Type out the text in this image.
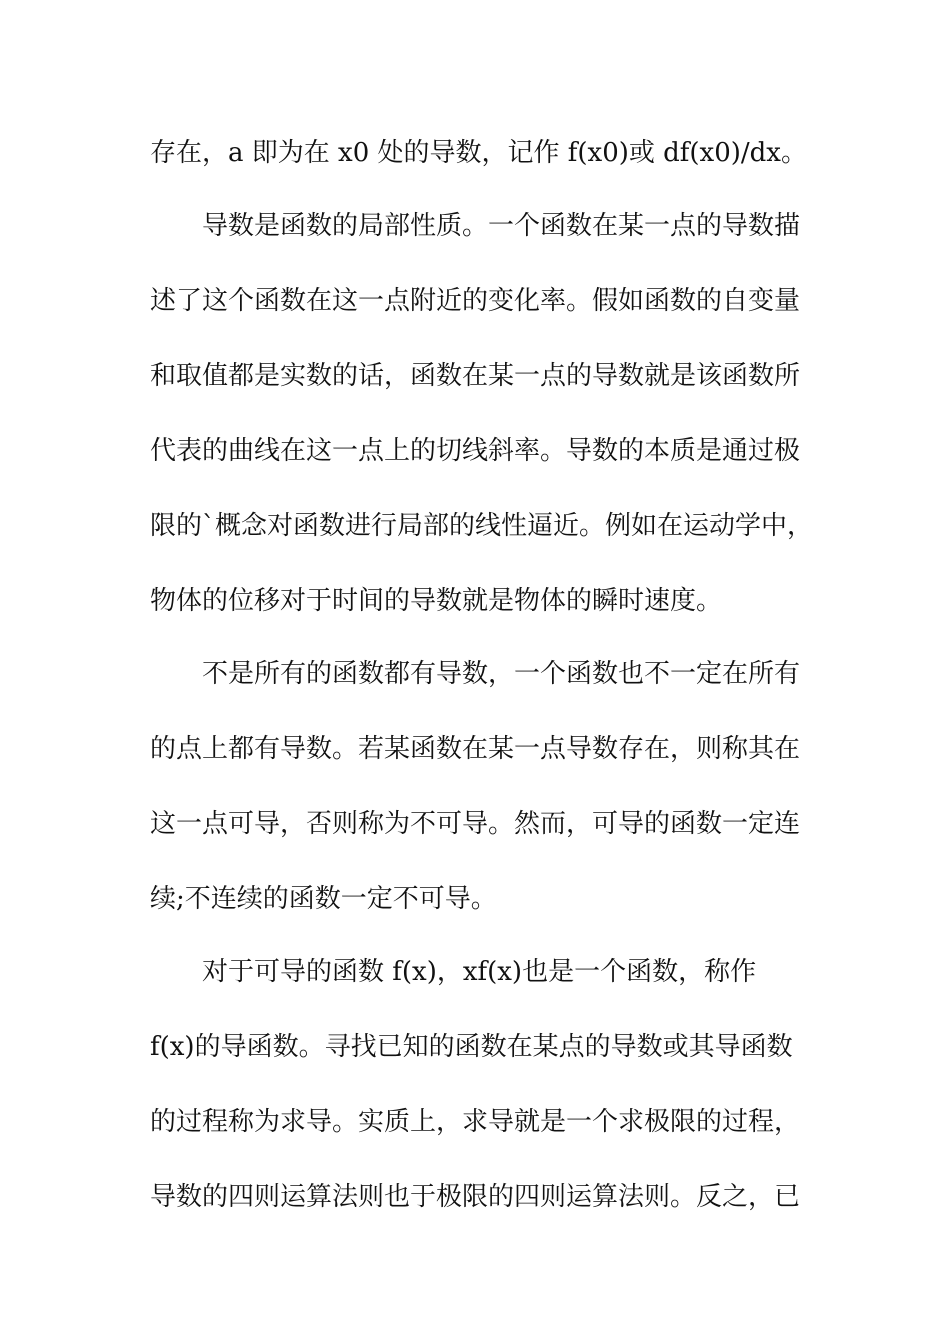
存在，a 即为在 x0 处的导数，记作 f(x0)或 df(x0)/dx。
导数是函数的局部性质。一个函数在某一点的导数描
述了这个函数在这一点附近的变化率。假如函数的自变量
和取值都是实数的话，函数在某一点的导数就是该函数所
代表的曲线在这一点上的切线斜率。导数的本质是通过极
限的`概念对函数进行局部的线性逼近。例如在运动学中，
物体的位移对于时间的导数就是物体的瞬时速度。
不是所有的函数都有导数，一个函数也不一定在所有
的点上都有导数。若某函数在某一点导数存在，则称其在
这一点可导，否则称为不可导。然而，可导的函数一定连
续;不连续的函数一定不可导。
对于可导的函数 f(x)，xf(x)也是一个函数，称作
f(x)的导函数。寻找已知的函数在某点的导数或其导函数
的过程称为求导。实质上，求导就是一个求极限的过程，
导数的四则运算法则也于极限的四则运算法则。反之，已
